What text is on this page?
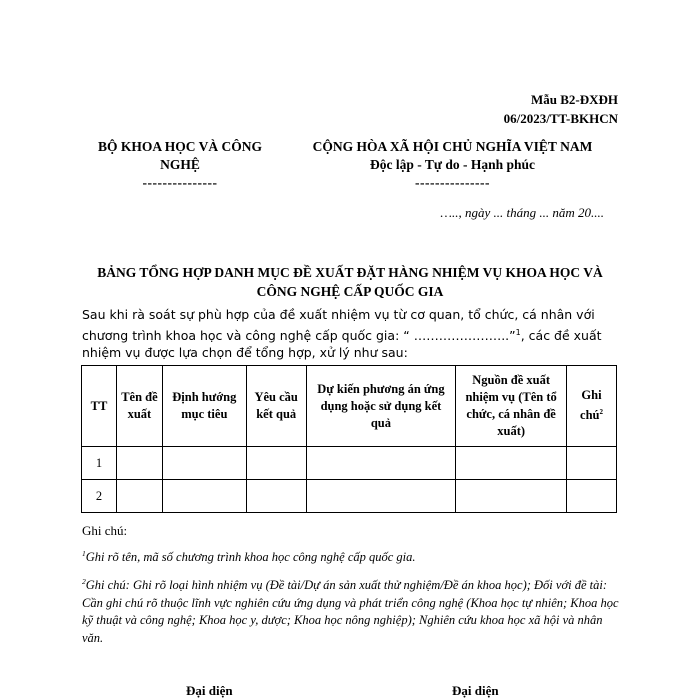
Mẫu B2-ĐXĐH
06/2023/TT-BKHCN
BỘ KHOA HỌC VÀ CÔNG NGHỆ
---------------
CỘNG HÒA XÃ HỘI CHỦ NGHĨA VIỆT NAM
Độc lập - Tự do - Hạnh phúc
---------------
….., ngày ... tháng ... năm 20....
BẢNG TỔNG HỢP DANH MỤC ĐỀ XUẤT ĐẶT HÀNG NHIỆM VỤ KHOA HỌC VÀ CÔNG NGHỆ CẤP QUỐC GIA
Sau khi rà soát sự phù hợp của đề xuất nhiệm vụ từ cơ quan, tổ chức, cá nhân với chương trình khoa học và công nghệ cấp quốc gia: “ …………………..”$^1$, các đề xuất nhiệm vụ được lựa chọn để tổng hợp, xử lý như sau:
TT	Tên đề xuất	Định hướng mục tiêu	Yêu cầu kết quả	Dự kiến phương án ứng dụng hoặc sử dụng kết quả	Nguồn đề xuất nhiệm vụ (Tên tổ chức, cá nhân đề xuất)	Ghi chú$^2$
1						
2						
Ghi chú:
$^1$Ghi rõ tên, mã số chương trình khoa học công nghệ cấp quốc gia.
$^2$Ghi chú: Ghi rõ loại hình nhiệm vụ (Đề tài/Dự án sản xuất thử nghiệm/Đề án khoa học); Đối với đề tài: Cần ghi chú rõ thuộc lĩnh vực nghiên cứu ứng dụng và phát triển công nghệ (Khoa học tự nhiên; Khoa học kỹ thuật và công nghệ; Khoa học y, dược; Khoa học nông nghiệp); Nghiên cứu khoa học xã hội và nhân văn.
Đại diện	Đại diện
